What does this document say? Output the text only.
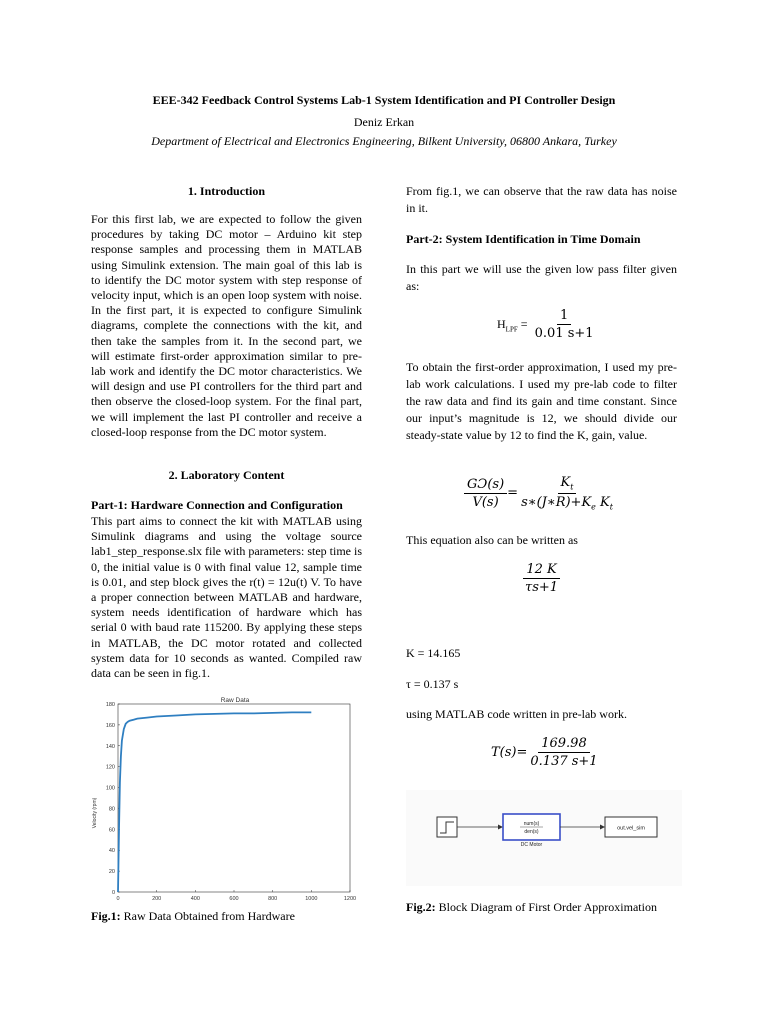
EEE-342 Feedback Control Systems Lab-1 System Identification and PI Controller Design
Deniz Erkan
Department of Electrical and Electronics Engineering, Bilkent University, 06800 Ankara, Turkey
1. Introduction
For this first lab, we are expected to follow the given procedures by taking DC motor – Arduino kit step response samples and processing them in MATLAB using Simulink extension. The main goal of this lab is to identify the DC motor system with step response of velocity input, which is an open loop system with noise. In the first part, it is expected to configure Simulink diagrams, complete the connections with the kit, and then take the samples from it. In the second part, we will estimate first-order approximation similar to pre-lab work and identify the DC motor characteristics. We will design and use PI controllers for the third part and then observe the closed-loop system. For the final part, we will implement the last PI controller and receive a closed-loop response from the DC motor system.
2. Laboratory Content
Part-1: Hardware Connection and Configuration
This part aims to connect the kit with MATLAB using Simulink diagrams and using the voltage source lab1_step_response.slx file with parameters: step time is 0, the initial value is 0 with final value 12, sample time is 0.01, and step block gives the r(t) = 12u(t) V. To have a proper connection between MATLAB and hardware, system needs identification of hardware which has serial 0 with baud rate 115200. By applying these steps in MATLAB, the DC motor rotated and collected system data for 10 seconds as wanted. Compiled raw data can be seen in fig.1.
Raw Data
Velocity (rpm)
0	200	400	600	800	1000	1200
0
20
40
60
80
100
120
140
160
180
Fig.1: Raw Data Obtained from Hardware
From fig.1, we can observe that the raw data has noise in it.
Part-2: System Identification in Time Domain
In this part we will use the given low pass filter given as:
$H_{LPF} = \frac{1}{0.01 s+1}$
To obtain the first-order approximation, I used my pre-lab work calculations. I used my pre-lab code to filter the raw data and find its gain and time constant. Since our input’s magnitude is 12, we should divide our steady-state value by 12 to find the K, gain, value.
$\frac{GƆ(s)}{V(s)} = \frac{K_t}{s∗(J∗R)+K_e K_t}$
This equation also can be written as
$\frac{12 K}{\tau s+1}$
K = 14.165
τ = 0.137 s
using MATLAB code written in pre-lab work.
$T(s)= \frac{169.98}{0.137 s+1}$
num(s)
den(s)
DC Motor
out.vel_sim
Fig.2: Block Diagram of First Order Approximation
